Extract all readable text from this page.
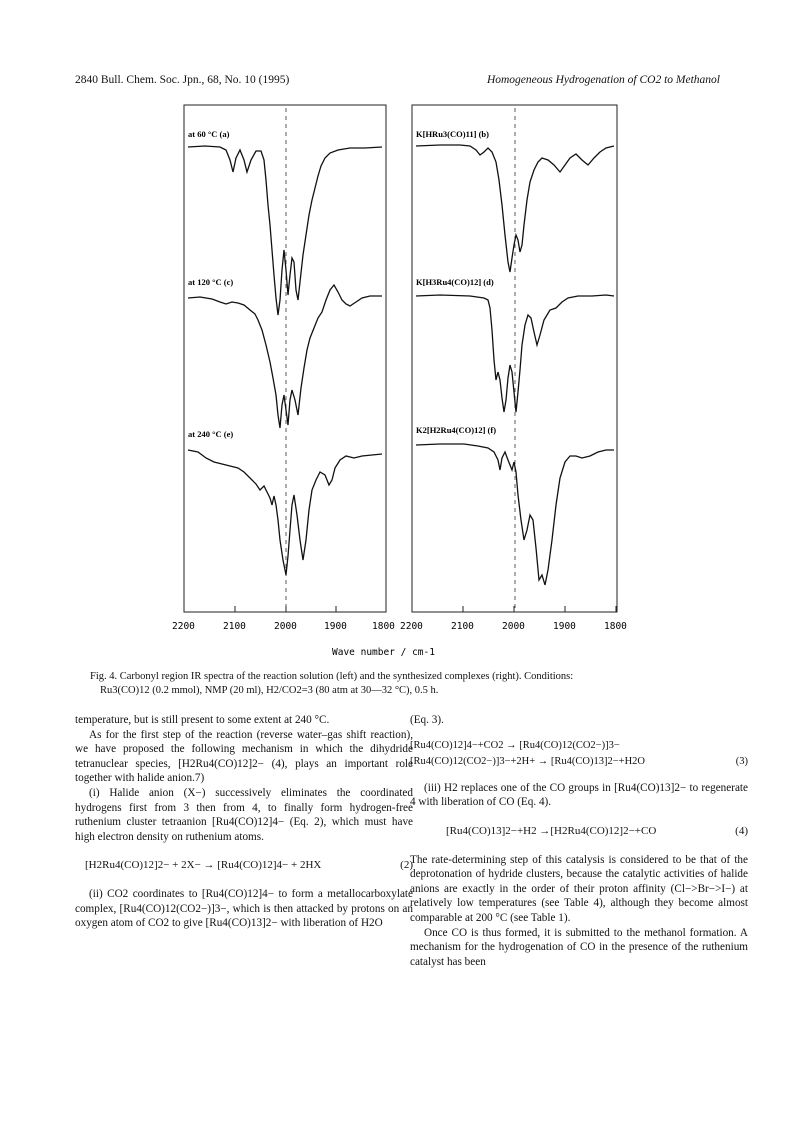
2840 Bull. Chem. Soc. Jpn., 68, No. 10 (1995)	Homogeneous Hydrogenation of CO2 to Methanol
at 60 °C (a)
at 120 °C (c)
at 240 °C (e)
K[HRu3(CO)11] (b)
K[H3Ru4(CO)12] (d)
K2[H2Ru4(CO)12] (f)
2200	2100	2000	1900	1800 2200	2100	2000	1900	1800
Wave number / cm-1
Fig. 4. Carbonyl region IR spectra of the reaction solution (left) and the synthesized complexes (right). Conditions:

Ru3(CO)12 (0.2 mmol), NMP (20 ml), H2/CO2=3 (80 atm at 30—32 °C), 0.5 h.

temperature, but is still present to some extent at 240 °C.

As for the first step of the reaction (reverse water–gas shift reaction), we have proposed the following mechanism in which the dihydride tetranuclear species, [H2Ru4(CO)12]2− (4), plays an important role together with halide anion.7)

(i) Halide anion (X−) successively eliminates the coordinated hydrogens first from 3 then from 4, to finally form hydrogen-free ruthenium cluster tetraanion [Ru4(CO)12]4− (Eq. 2), which must have high electron density on ruthenium atoms.

[H2Ru4(CO)12]2− + 2X− → [Ru4(CO)12]4− + 2HX	(2)

(ii) CO2 coordinates to [Ru4(CO)12]4− to form a metallocarboxylate complex, [Ru4(CO)12(CO2−)]3−, which is then attacked by protons on an oxygen atom of CO2 to give [Ru4(CO)13]2− with liberation of H2O

(Eq. 3).

[Ru4(CO)12]4−+CO2 → [Ru4(CO)12(CO2−)]3−
[Ru4(CO)12(CO2−)]3−+2H+ → [Ru4(CO)13]2−+H2O	(3)

(iii) H2 replaces one of the CO groups in [Ru4(CO)13]2− to regenerate 4 with liberation of CO (Eq. 4).

[Ru4(CO)13]2−+H2 →[H2Ru4(CO)12]2−+CO	(4)

The rate-determining step of this catalysis is considered to be that of the deprotonation of hydride clusters, because the catalytic activities of halide anions are exactly in the order of their proton affinity (Cl−>Br−>I−) at relatively low temperatures (see Table 4), although they become almost comparable at 200 °C (see Table 1).

Once CO is thus formed, it is submitted to the methanol formation. A mechanism for the hydrogenation of CO in the presence of the ruthenium catalyst has been
